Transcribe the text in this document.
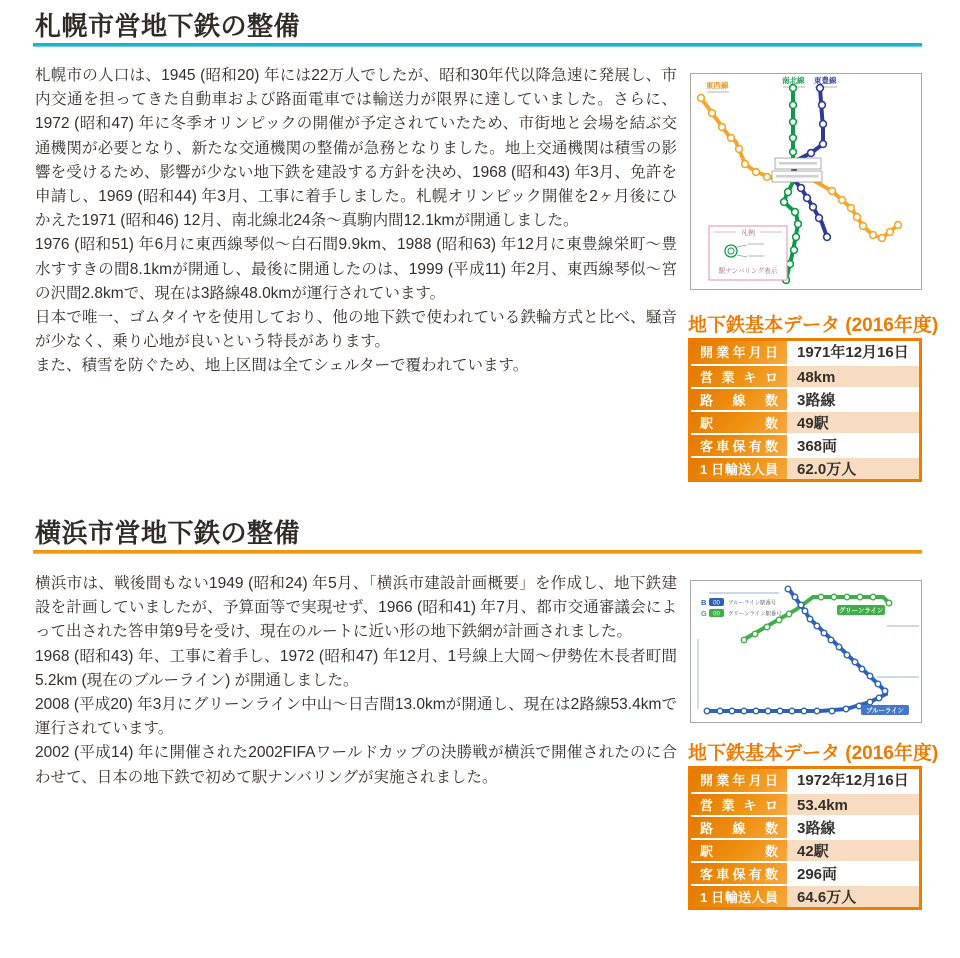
札幌市営地下鉄の整備

札幌市の人口は、1945 (昭和20) 年には22万人でしたが、昭和30年代以降急速に発展し、市内交通を担ってきた自動車および路面電車では輸送力が限界に達していました。さらに、1972 (昭和47) 年に冬季オリンピックの開催が予定されていたため、市街地と会場を結ぶ交通機関が必要となり、新たな交通機関の整備が急務となりました。地上交通機関は積雪の影響を受けるため、影響が少ない地下鉄を建設する方針を決め、1968 (昭和43) 年3月、免許を申請し、1969 (昭和44) 年3月、工事に着手しました。札幌オリンピック開催を2ヶ月後にひかえた1971 (昭和46) 12月、南北線北24条〜真駒内間12.1kmが開通しました。

1976 (昭和51) 年6月に東西線琴似〜白石間9.9km、1988 (昭和63) 年12月に東豊線栄町〜豊水すすきの間8.1kmが開通し、最後に開通したのは、1999 (平成11) 年2月、東西線琴似〜宮の沢間2.8kmで、現在は3路線48.0kmが運行されています。

日本で唯一、ゴムタイヤを使用しており、他の地下鉄で使われている鉄輪方式と比べ、騒音が少なく、乗り心地が良いという特長があります。

また、積雪を防ぐため、地上区間は全てシェルターで覆われています。

東西線
南北線 東豊線
凡例
駅ナンバリング表示
地下鉄基本データ (2016年度)
開業年月日	1971年12月16日
営業キロ	48km
路線数	3路線
駅数	49駅
客車保有数	368両
1 日輸送人員	62.0万人
横浜市営地下鉄の整備

横浜市は、戦後間もない1949 (昭和24) 年5月、「横浜市建設計画概要」を作成し、地下鉄建設を計画していましたが、予算面等で実現せず、1966 (昭和41) 年7月、都市交通審議会によって出された答申第9号を受け、現在のルートに近い形の地下鉄網が計画されました。

1968 (昭和43) 年、工事に着手し、1972 (昭和47) 年12月、1号線上大岡〜伊勢佐木長者町間5.2km (現在のブルーライン) が開通しました。

2008 (平成20) 年3月にグリーンライン中山〜日吉間13.0kmが開通し、現在は2路線53.4kmで運行されています。

2002 (平成14) 年に開催された2002FIFAワールドカップの決勝戦が横浜で開催されたのに合わせて、日本の地下鉄で初めて駅ナンバリングが実施されました。

B 00 ブルーライン駅番号
G 00 グリーンライン駅番号	グリーンライン
ブルーライン
地下鉄基本データ (2016年度)
開業年月日	1972年12月16日
営業キロ	53.4km
路線数	3路線
駅数	42駅
客車保有数	296両
1 日輸送人員	64.6万人
